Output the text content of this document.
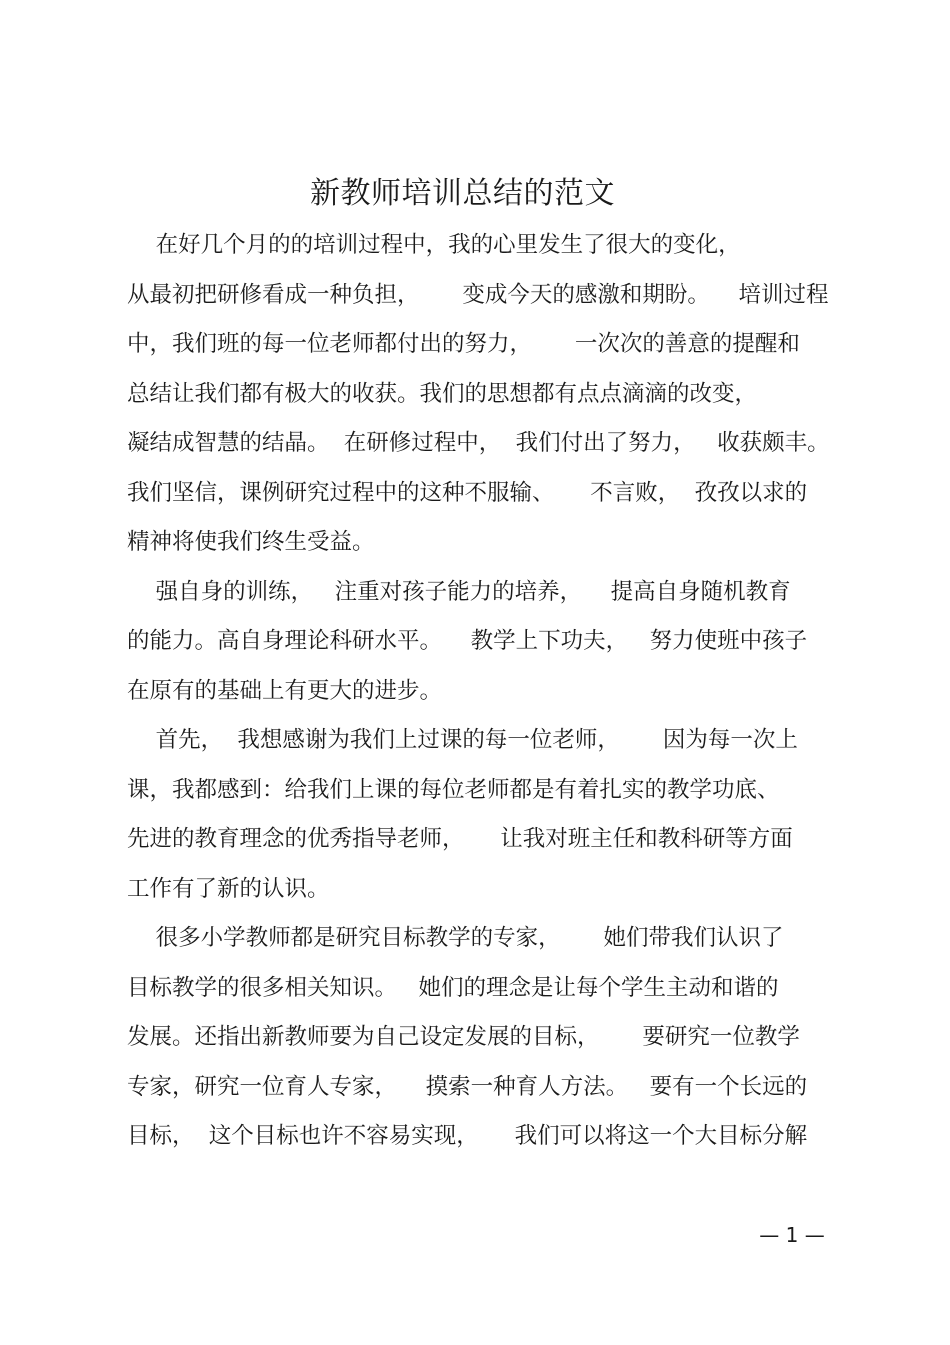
新教师培训总结的范文

在好几个月的的培训过程中，我的心里发生了很大的变化，
从最初把研修看成一种负担，      变成今天的感激和期盼。    培训过程
中，我们班的每一位老师都付出的努力，      一次次的善意的提醒和
总结让我们都有极大的收获。我们的思想都有点点滴滴的改变，
凝结成智慧的结晶。  在研修过程中，  我们付出了努力，   收获颇丰。
我们坚信，课例研究过程中的这种不服输、     不言败，  孜孜以求的
精神将使我们终生受益。

强自身的训练，   注重对孩子能力的培养，    提高自身随机教育
的能力。高自身理论科研水平。    教学上下功夫，   努力使班中孩子
在原有的基础上有更大的进步。

首先，  我想感谢为我们上过课的每一位老师，      因为每一次上
课，我都感到：给我们上课的每位老师都是有着扎实的教学功底、
先进的教育理念的优秀指导老师，     让我对班主任和教科研等方面
工作有了新的认识。

很多小学教师都是研究目标教学的专家，      她们带我们认识了
目标教学的很多相关知识。   她们的理念是让每个学生主动和谐的
发展。还指出新教师要为自己设定发展的目标，      要研究一位教学
专家，研究一位育人专家，    摸索一种育人方法。   要有一个长远的
目标，  这个目标也许不容易实现，     我们可以将这一个大目标分解

— 1 —
